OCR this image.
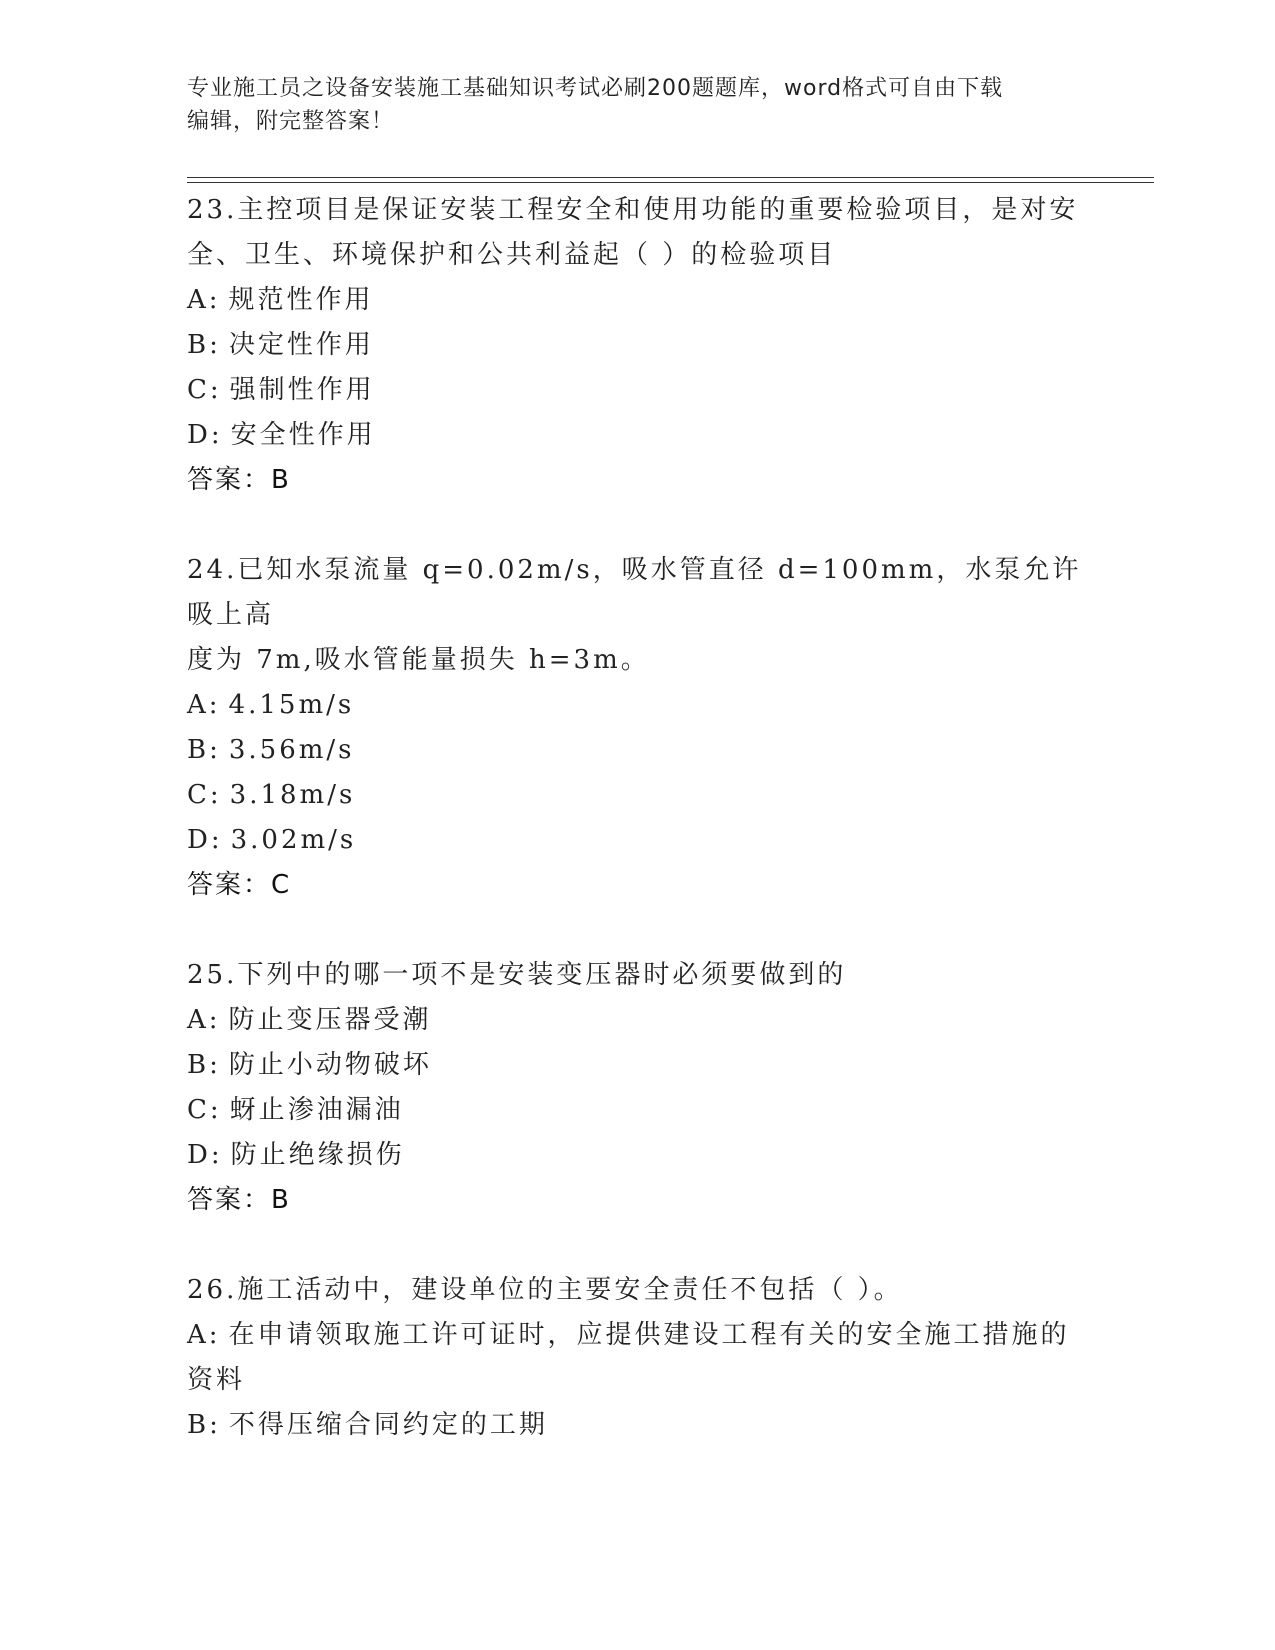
专业施工员之设备安装施工基础知识考试必刷200题题库，word格式可自由下载
编辑，附完整答案！
23.主控项目是保证安装工程安全和使用功能的重要检验项目，是对安
全、卫生、环境保护和公共利益起（ ）的检验项目
A: 规范性作用
B: 决定性作用
C: 强制性作用
D: 安全性作用
答案：B
24.已知水泵流量 q=0.02m/s，吸水管直径 d=100mm，水泵允许吸上高
度为 7m,吸水管能量损失 h=3m。
A: 4.15m/s
B: 3.56m/s
C: 3.18m/s
D: 3.02m/s
答案：C
25.下列中的哪一项不是安装变压器时必须要做到的
A: 防止变压器受潮
B: 防止小动物破坏
C: 蚜止渗油漏油
D: 防止绝缘损伤
答案：B
26.施工活动中，建设单位的主要安全责任不包括（ ）。
A: 在申请领取施工许可证时，应提供建设工程有关的安全施工措施的
资料
B: 不得压缩合同约定的工期
